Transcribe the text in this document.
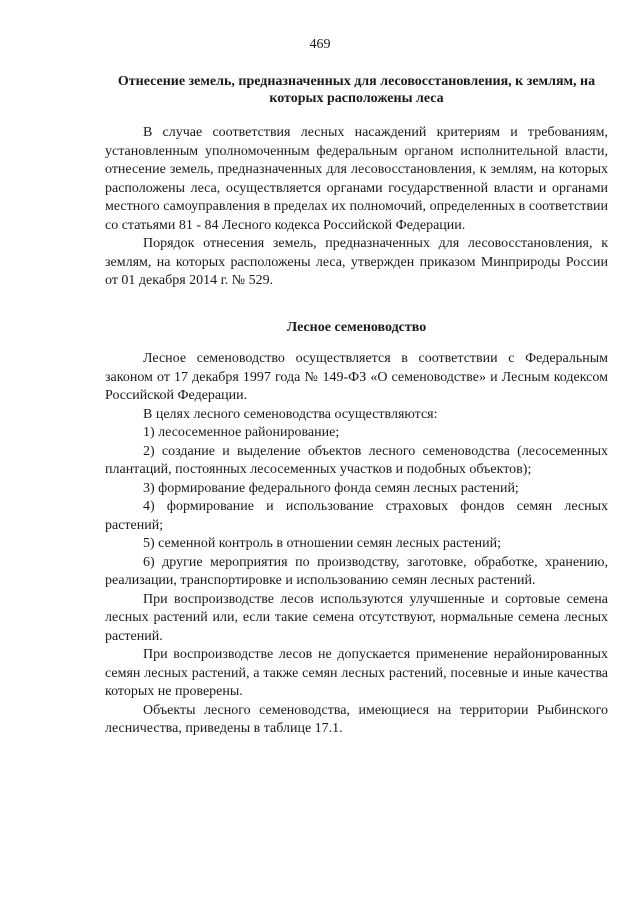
469
Отнесение земель, предназначенных для лесовосстановления, к землям, на которых расположены леса

В случае соответствия лесных насаждений критериям и требованиям, установленным уполномоченным федеральным органом исполнительной власти, отнесение земель, предназначенных для лесовосстановления, к землям, на которых расположены леса, осуществляется органами государственной власти и органами местного самоуправления в пределах их полномочий, определенных в соответствии со статьями 81 - 84 Лесного кодекса Российской Федерации.

Порядок отнесения земель, предназначенных для лесовосстановления, к землям, на которых расположены леса, утвержден приказом Минприроды России от 01 декабря 2014 г. № 529.

Лесное семеноводство

Лесное семеноводство осуществляется в соответствии с Федеральным законом от 17 декабря 1997 года № 149-ФЗ «О семеноводстве» и Лесным кодексом Российской Федерации.

В целях лесного семеноводства осуществляются:

1) лесосеменное районирование;

2) создание и выделение объектов лесного семеноводства (лесосеменных плантаций, постоянных лесосеменных участков и подобных объектов);

3) формирование федерального фонда семян лесных растений;

4) формирование и использование страховых фондов семян лесных растений;

5) семенной контроль в отношении семян лесных растений;

6) другие мероприятия по производству, заготовке, обработке, хранению, реализации, транспортировке и использованию семян лесных растений.

При воспроизводстве лесов используются улучшенные и сортовые семена лесных растений или, если такие семена отсутствуют, нормальные семена лесных растений.

При воспроизводстве лесов не допускается применение нерайонированных семян лесных растений, а также семян лесных растений, посевные и иные качества которых не проверены.

Объекты лесного семеноводства, имеющиеся на территории Рыбинского лесничества, приведены в таблице 17.1.
